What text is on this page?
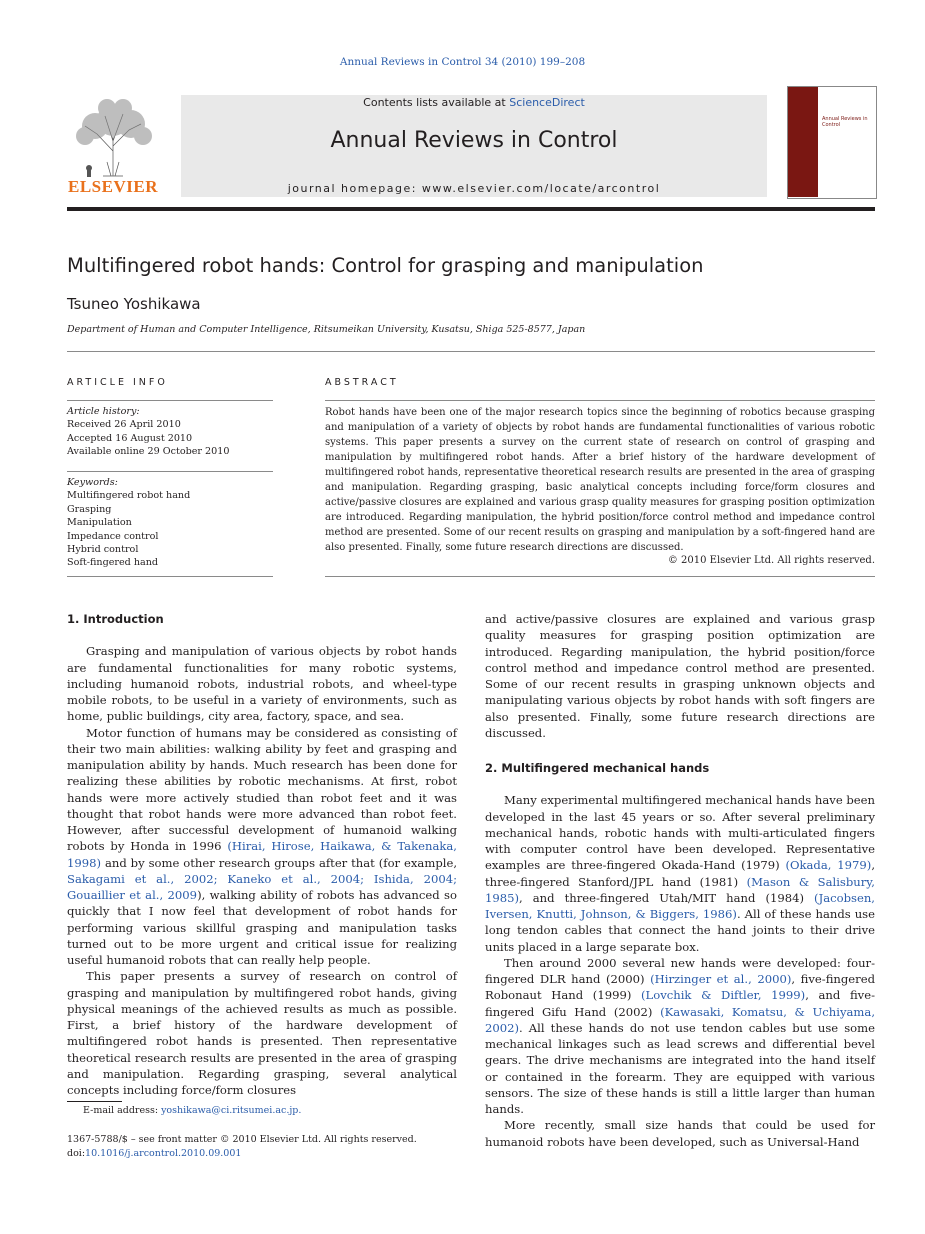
Annual Reviews in Control 34 (2010) 199–208
ELSEVIER
Contents lists available at ScienceDirect
Annual Reviews in Control
journal homepage: www.elsevier.com/locate/arcontrol
Annual Reviews in Control
Multifingered robot hands: Control for grasping and manipulation
Tsuneo Yoshikawa
Department of Human and Computer Intelligence, Ritsumeikan University, Kusatsu, Shiga 525-8577, Japan
ARTICLE INFO
Article history:
Received 26 April 2010
Accepted 16 August 2010
Available online 29 October 2010
Keywords:
Multifingered robot hand
Grasping
Manipulation
Impedance control
Hybrid control
Soft-fingered hand
ABSTRACT
Robot hands have been one of the major research topics since the beginning of robotics because grasping and manipulation of a variety of objects by robot hands are fundamental functionalities of various robotic systems. This paper presents a survey on the current state of research on control of grasping and manipulation by multifingered robot hands. After a brief history of the hardware development of multifingered robot hands, representative theoretical research results are presented in the area of grasping and manipulation. Regarding grasping, basic analytical concepts including force/form closures and active/passive closures are explained and various grasp quality measures for grasping position optimization are introduced. Regarding manipulation, the hybrid position/force control method and impedance control method are presented. Some of our recent results on grasping and manipulation by a soft-fingered hand are also presented. Finally, some future research directions are discussed.
© 2010 Elsevier Ltd. All rights reserved.
1. Introduction

Grasping and manipulation of various objects by robot hands are fundamental functionalities for many robotic systems, including humanoid robots, industrial robots, and wheel-type mobile robots, to be useful in a variety of environments, such as home, public buildings, city area, factory, space, and sea.

Motor function of humans may be considered as consisting of their two main abilities: walking ability by feet and grasping and manipulation ability by hands. Much research has been done for realizing these abilities by robotic mechanisms. At first, robot hands were more actively studied than robot feet and it was thought that robot hands were more advanced than robot feet. However, after successful development of humanoid walking robots by Honda in 1996 (Hirai, Hirose, Haikawa, & Takenaka, 1998) and by some other research groups after that (for example, Sakagami et al., 2002; Kaneko et al., 2004; Ishida, 2004; Gouaillier et al., 2009), walking ability of robots has advanced so quickly that I now feel that development of robot hands for performing various skillful grasping and manipulation tasks turned out to be more urgent and critical issue for realizing useful humanoid robots that can really help people.

This paper presents a survey of research on control of grasping and manipulation by multifingered robot hands, giving physical meanings of the achieved results as much as possible. First, a brief history of the hardware development of multifingered robot hands is presented. Then representative theoretical research results are presented in the area of grasping and manipulation. Regarding grasping, several analytical concepts including force/form closures

and active/passive closures are explained and various grasp quality measures for grasping position optimization are introduced. Regarding manipulation, the hybrid position/force control method and impedance control method are presented. Some of our recent results in grasping unknown objects and manipulating various objects by robot hands with soft fingers are also presented. Finally, some future research directions are discussed.

2. Multifingered mechanical hands

Many experimental multifingered mechanical hands have been developed in the last 45 years or so. After several preliminary mechanical hands, robotic hands with multi-articulated fingers with computer control have been developed. Representative examples are three-fingered Okada-Hand (1979) (Okada, 1979), three-fingered Stanford/JPL hand (1981) (Mason & Salisbury, 1985), and three-fingered Utah/MIT hand (1984) (Jacobsen, Iversen, Knutti, Johnson, & Biggers, 1986). All of these hands use long tendon cables that connect the hand joints to their drive units placed in a large separate box.

Then around 2000 several new hands were developed: four-fingered DLR hand (2000) (Hirzinger et al., 2000), five-fingered Robonaut Hand (1999) (Lovchik & Diftler, 1999), and five-fingered Gifu Hand (2002) (Kawasaki, Komatsu, & Uchiyama, 2002). All these hands do not use tendon cables but use some mechanical linkages such as lead screws and differential bevel gears. The drive mechanisms are integrated into the hand itself or contained in the forearm. They are equipped with various sensors. The size of these hands is still a little larger than human hands.

More recently, small size hands that could be used for humanoid robots have been developed, such as Universal-Hand

E-mail address: yoshikawa@ci.ritsumei.ac.jp.
1367-5788/$ – see front matter © 2010 Elsevier Ltd. All rights reserved.
doi:10.1016/j.arcontrol.2010.09.001
